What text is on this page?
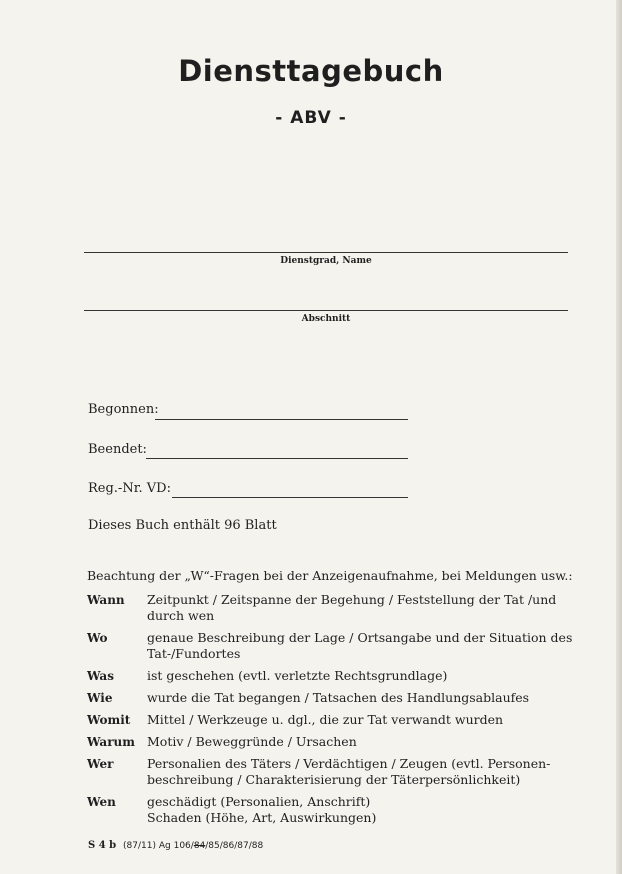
Diensttagebuch
- ABV -
Dienstgrad, Name
Abschnitt
Begonnen:
Beendet:
Reg.-Nr. VD:
Dieses Buch enthält 96 Blatt
Beachtung der „W“-Fragen bei der Anzeigenaufnahme, bei Meldungen usw.:
Wann	Zeitpunkt / Zeitspanne der Begehung / Feststellung der Tat /und
durch wen
Wo	genaue Beschreibung der Lage / Ortsangabe und der Situation des
Tat-/Fundortes
Was	ist geschehen (evtl. verletzte Rechtsgrundlage)
Wie	wurde die Tat begangen / Tatsachen des Handlungsablaufes
Womit	Mittel / Werkzeuge u. dgl., die zur Tat verwandt wurden
Warum Motiv / Beweggründe / Ursachen
Wer	Personalien des Täters / Verdächtigen / Zeugen (evtl. Personen-
beschreibung / Charakterisierung der Täterpersönlichkeit)
Wen	geschädigt (Personalien, Anschrift)
Schaden (Höhe, Art, Auswirkungen)
S 4 b (87/11) Ag 106/84/85/86/87/88
